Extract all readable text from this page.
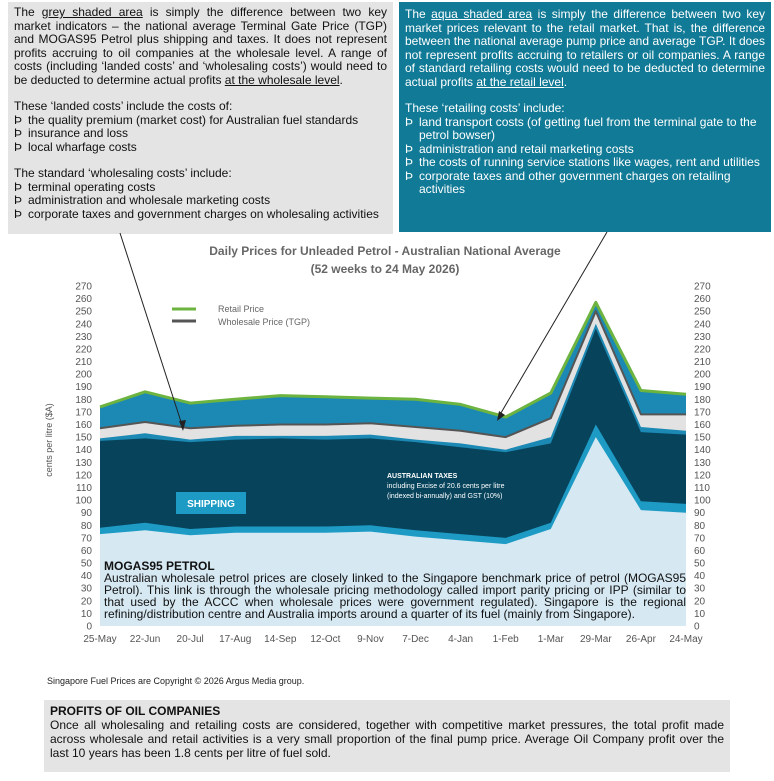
The grey shaded area is simply the difference between two key market indicators – the national average Terminal Gate Price (TGP) and MOGAS95 Petrol plus shipping and taxes. It does not represent profits accruing to oil companies at the wholesale level. A range of costs (including ‘landed costs’ and ‘wholesaling costs’) would need to be deducted to determine actual profits at the wholesale level.

These ‘landed costs’ include the costs of:

Þ the quality premium (market cost) for Australian fuel standards
Þ insurance and loss
Þ local wharfage costs

The standard ‘wholesaling costs’ include:

Þ terminal operating costs
Þ administration and wholesale marketing costs
Þ corporate taxes and government charges on wholesaling activities

The aqua shaded area is simply the difference between two key market prices relevant to the retail market. That is, the difference between the national average pump price and average TGP. It does not represent profits accruing to retailers or oil companies. A range of standard retailing costs would need to be deducted to determine actual profits at the retail level.

These ‘retailing costs’ include:

Þ land transport costs (of getting fuel from the terminal gate to the petrol bowser)
Þ administration and retail marketing costs
Þ the costs of running service stations like wages, rent and utilities
Þ corporate taxes and other government charges on retailing activities
Daily Prices for Unleaded Petrol - Australian National Average
(52 weeks to 24 May 2026)
0
10
20
30
40
50
60
70
80
90
100
110
120
130
140
150
160
170
180
190
200
210
220
230
240
250
260
270
0
10
20
30
40
50
60
70
80
90
100
110
120
130
140
150
160
170
180
190
200
210
220
230
240
250
260
270
25-May 22-Jun 20-Jul 17-Aug 14-Sep 12-Oct 9-Nov 7-Dec 4-Jan 1-Feb 1-Mar 29-Mar 26-Apr 24-May
cents per litre ($A)
Retail Price
Wholesale Price (TGP)
AUSTRALIAN TAXES
including Excise of 20.6 cents per litre
(indexed bi-annually) and GST (10%)
SHIPPING
MOGAS95 PETROL

Australian wholesale petrol prices are closely linked to the Singapore benchmark price of petrol (MOGAS95 Petrol). This link is through the wholesale pricing methodology called import parity pricing or IPP (similar to that used by the ACCC when wholesale prices were government regulated). Singapore is the regional refining/distribution centre and Australia imports around a quarter of its fuel (mainly from Singapore).

Singapore Fuel Prices are Copyright © 2026 Argus Media group.
PROFITS OF OIL COMPANIES

Once all wholesaling and retailing costs are considered, together with competitive market pressures, the total profit made across wholesale and retail activities is a very small proportion of the final pump price. Average Oil Company profit over the last 10 years has been 1.8 cents per litre of fuel sold.
